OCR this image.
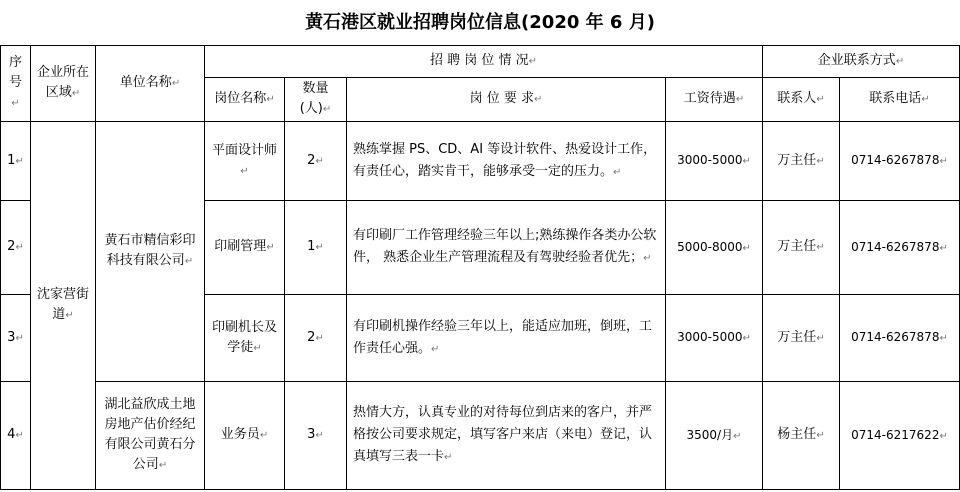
黄石港区就业招聘岗位信息(2020 年 6 月)
序号↵	企业所在区域↵	单位名称↵	招 聘 岗 位 情 况↵				企业联系方式↵	
			岗位名称↵	数量(人)↵	岗 位 要 求↵	工资待遇↵	联系人↵	联系电话↵
1↵	沈家营街道↵	黄石市精信彩印科技有限公司↵	平面设计师↵	2↵	熟练掌握 PS、CD、AI 等设计软件、热爱设计工作，有责任心，踏实肯干，能够承受一定的压力。↵	3000-5000↵	万主任↵	0714-6267878↵
2↵			印刷管理↵	1↵	有印刷厂工作管理经验三年以上;熟练操作各类办公软件， 熟悉企业生产管理流程及有驾驶经验者优先；↵	5000-8000↵	万主任↵	0714-6267878↵
3↵			印刷机长及学徒↵	2↵	有印刷机操作经验三年以上，能适应加班，倒班，工作责任心强。↵	3000-5000↵	万主任↵	0714-6267878↵
4↵		湖北益欣成土地房地产估价经纪有限公司黄石分公司↵	业务员↵	3↵	热情大方，认真专业的对待每位到店来的客户，并严格按公司要求规定，填写客户来店（来电）登记，认真填写三表一卡↵	3500/月↵	杨主任↵	0714-6217622↵
